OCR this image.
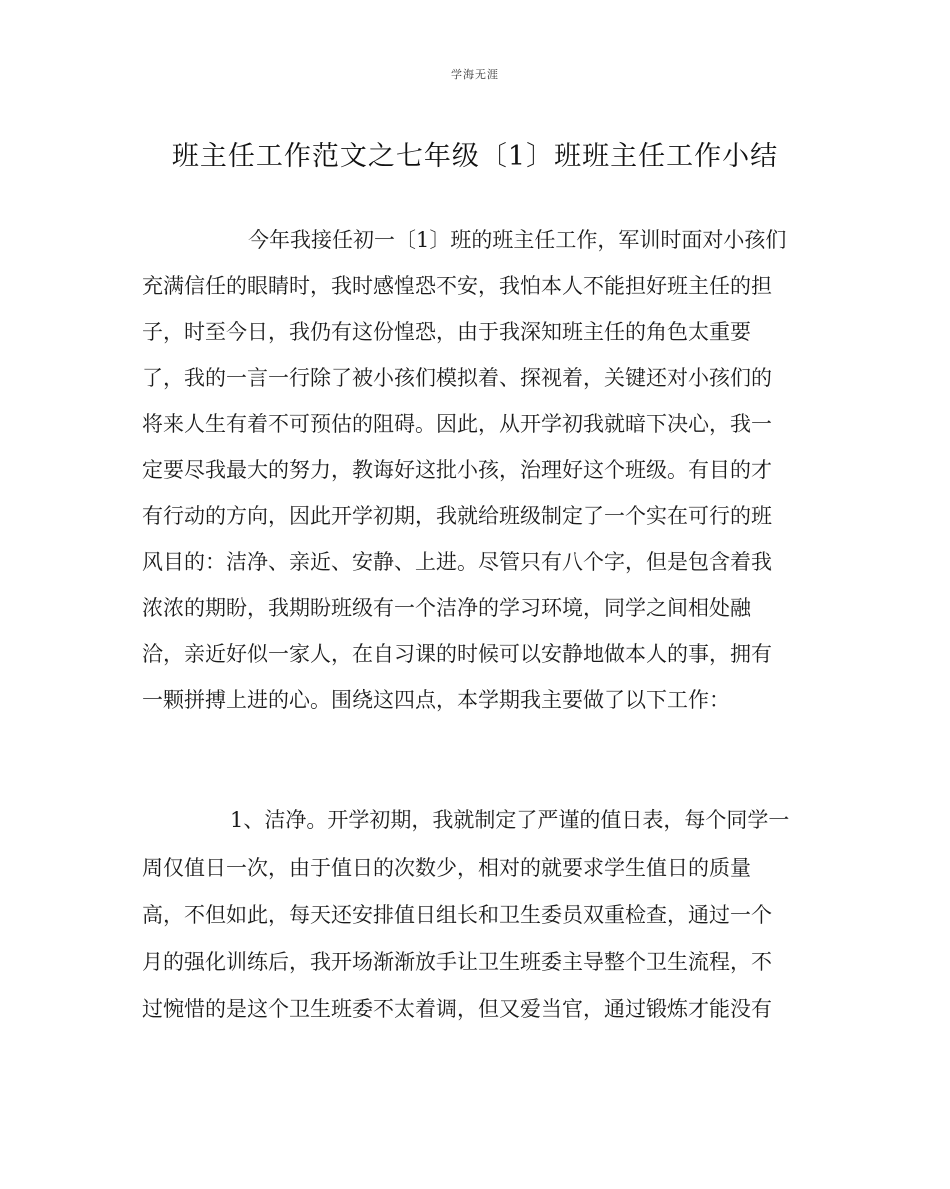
学海无涯
班主任工作范文之七年级〔1〕班班主任工作小结
今年我接任初一〔1〕班的班主任工作，军训时面对小孩们
充满信任的眼睛时，我时感惶恐不安，我怕本人不能担好班主任的担
子，时至今日，我仍有这份惶恐，由于我深知班主任的角色太重要
了，我的一言一行除了被小孩们模拟着、探视着，关键还对小孩们的
将来人生有着不可预估的阻碍。因此，从开学初我就暗下决心，我一
定要尽我最大的努力，教诲好这批小孩，治理好这个班级。有目的才
有行动的方向，因此开学初期，我就给班级制定了一个实在可行的班
风目的：洁净、亲近、安静、上进。尽管只有八个字，但是包含着我
浓浓的期盼，我期盼班级有一个洁净的学习环境，同学之间相处融
洽，亲近好似一家人，在自习课的时候可以安静地做本人的事，拥有
一颗拼搏上进的心。围绕这四点，本学期我主要做了以下工作：
1、洁净。开学初期，我就制定了严谨的值日表，每个同学一
周仅值日一次，由于值日的次数少，相对的就要求学生值日的质量
高，不但如此，每天还安排值日组长和卫生委员双重检查，通过一个
月的强化训练后，我开场渐渐放手让卫生班委主导整个卫生流程，不
过惋惜的是这个卫生班委不太着调，但又爱当官，通过锻炼才能没有
